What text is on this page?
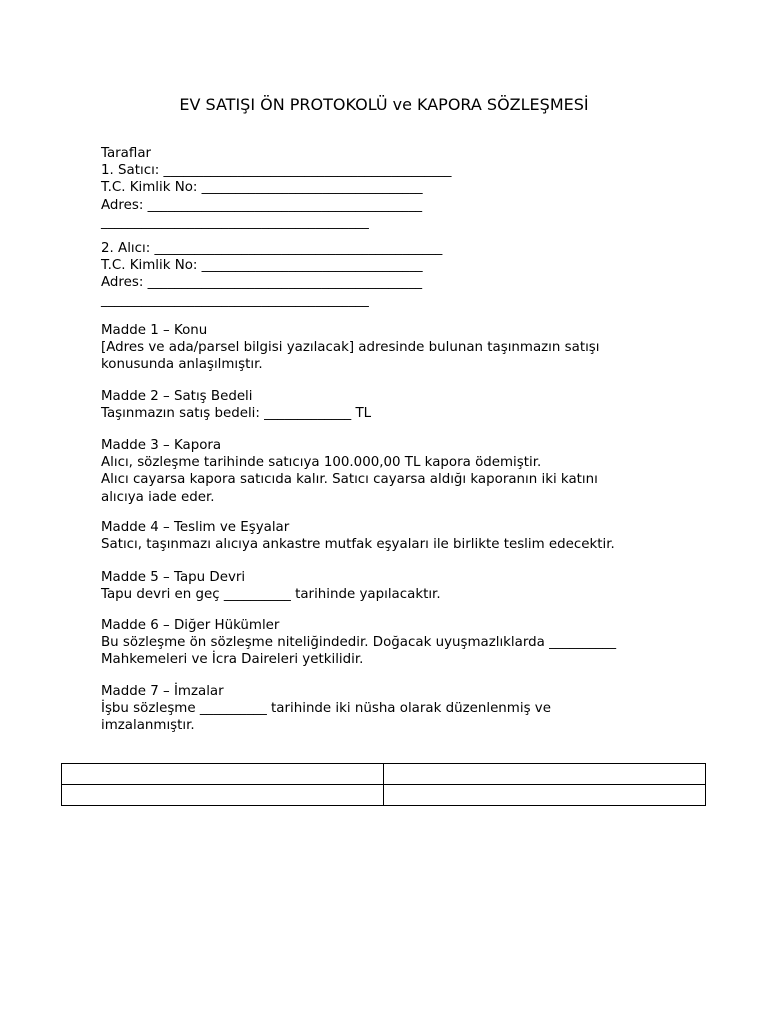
EV SATIŞI ÖN PROTOKOLÜ ve KAPORA SÖZLEŞMESİ
Taraflar
1. Satıcı: ___________________________________________
T.C. Kimlik No: _________________________________
Adres: _________________________________________
________________________________________
2. Alıcı: ___________________________________________
T.C. Kimlik No: _________________________________
Adres: _________________________________________
________________________________________
Madde 1 – Konu
[Adres ve ada/parsel bilgisi yazılacak] adresinde bulunan taşınmazın satışı
konusunda anlaşılmıştır.
Madde 2 – Satış Bedeli
Taşınmazın satış bedeli: _____________ TL
Madde 3 – Kapora
Alıcı, sözleşme tarihinde satıcıya 100.000,00 TL kapora ödemiştir.
Alıcı cayarsa kapora satıcıda kalır. Satıcı cayarsa aldığı kaporanın iki katını
alıcıya iade eder.
Madde 4 – Teslim ve Eşyalar
Satıcı, taşınmazı alıcıya ankastre mutfak eşyaları ile birlikte teslim edecektir.
Madde 5 – Tapu Devri
Tapu devri en geç __________ tarihinde yapılacaktır.
Madde 6 – Diğer Hükümler
Bu sözleşme ön sözleşme niteliğindedir. Doğacak uyuşmazlıklarda __________
Mahkemeleri ve İcra Daireleri yetkilidir.
Madde 7 – İmzalar
İşbu sözleşme __________ tarihinde iki nüsha olarak düzenlenmiş ve
imzalanmıştır.
